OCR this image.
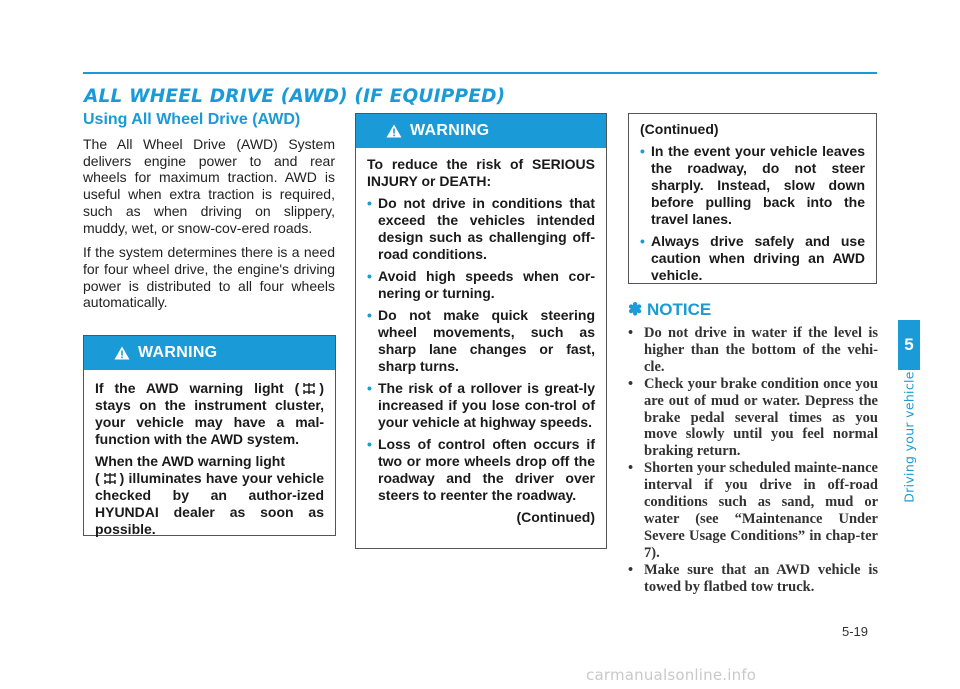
ALL WHEEL DRIVE (AWD) (IF EQUIPPED)
Using All Wheel Drive (AWD)

The All Wheel Drive (AWD) System delivers engine power to and rear wheels for maximum traction. AWD is useful when extra traction is required, such as when driving on slippery, muddy, wet, or snow-cov-ered roads.

If the system determines there is a need for four wheel drive, the engine's driving power is distributed to all four wheels automatically.

WARNING

If the AWD warning light ( ) stays on the instrument cluster, your vehicle may have a mal-function with the AWD system.

When the AWD warning light
( ) illuminates have your vehicle checked by an author-ized HYUNDAI dealer as soon as possible.

WARNING

To reduce the risk of SERIOUS INJURY or DEATH:

• Do not drive in conditions that exceed the vehicles intended design such as challenging off-road conditions.
• Avoid high speeds when cor-nering or turning.
• Do not make quick steering wheel movements, such as sharp lane changes or fast, sharp turns.
• The risk of a rollover is great-ly increased if you lose con-trol of your vehicle at highway speeds.
• Loss of control often occurs if two or more wheels drop off the roadway and the driver over steers to reenter the roadway.
(Continued)

(Continued)

• In the event your vehicle leaves the roadway, do not steer sharply. Instead, slow down before pulling back into the travel lanes.
• Always drive safely and use caution when driving an AWD vehicle.
✽ NOTICE
• Do not drive in water if the level is higher than the bottom of the vehi-cle.
• Check your brake condition once you are out of mud or water. Depress the brake pedal several times as you move slowly until you feel normal braking return.
• Shorten your scheduled mainte-nance interval if you drive in off-road conditions such as sand, mud or water (see “Maintenance Under Severe Usage Conditions” in chap-ter 7).
• Make sure that an AWD vehicle is towed by flatbed tow truck.
5
Driving your vehicle
5-19
carmanualsonline.info
